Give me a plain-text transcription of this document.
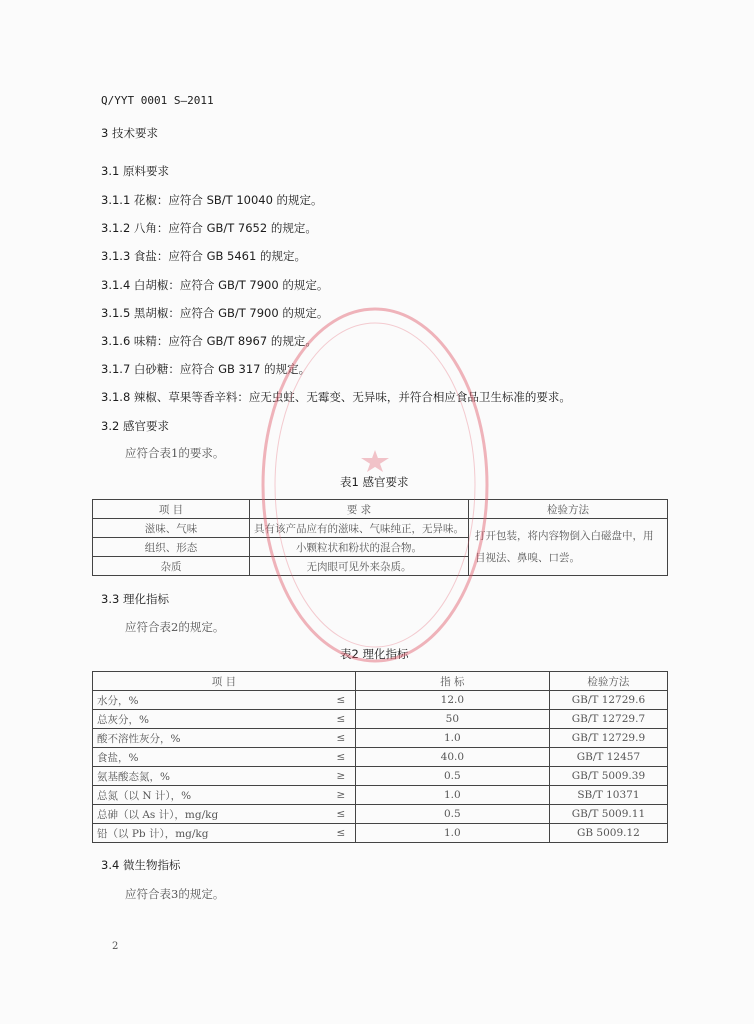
Q/YYT 0001 S—2011
3 技术要求
3.1 原料要求
3.1.1 花椒：应符合 SB/T 10040 的规定。
3.1.2 八角：应符合 GB/T 7652 的规定。
3.1.3 食盐：应符合 GB 5461 的规定。
3.1.4 白胡椒：应符合 GB/T 7900 的规定。
3.1.5 黑胡椒：应符合 GB/T 7900 的规定。
3.1.6 味精：应符合 GB/T 8967 的规定。
3.1.7 白砂糖：应符合 GB 317 的规定。
3.1.8 辣椒、草果等香辛料：应无虫蛀、无霉变、无异味，并符合相应食品卫生标准的要求。
3.2 感官要求
应符合表1的要求。
表1 感官要求
项 目	要 求	检验方法
滋味、气味	具有该产品应有的滋味、气味纯正，无异味。	打开包装，将内容物倒入白磁盘中，用目视法、鼻嗅、口尝。
组织、形态	小颗粒状和粉状的混合物。	
杂质	无肉眼可见外来杂质。	
3.3 理化指标
应符合表2的规定。
表2 理化指标
项 目		指 标	检验方法
水分，%	≤	12.0	GB/T 12729.6
总灰分，%	≤	50	GB/T 12729.7
酸不溶性灰分，%	≤	1.0	GB/T 12729.9
食盐，%	≤	40.0	GB/T 12457
氨基酸态氮，%	≥	0.5	GB/T 5009.39
总氮（以 N 计），%	≥	1.0	SB/T 10371
总砷（以 As 计），mg/kg	≤	0.5	GB/T 5009.11
铅（以 Pb 计），mg/kg	≤	1.0	GB 5009.12
3.4 微生物指标
应符合表3的规定。
2
